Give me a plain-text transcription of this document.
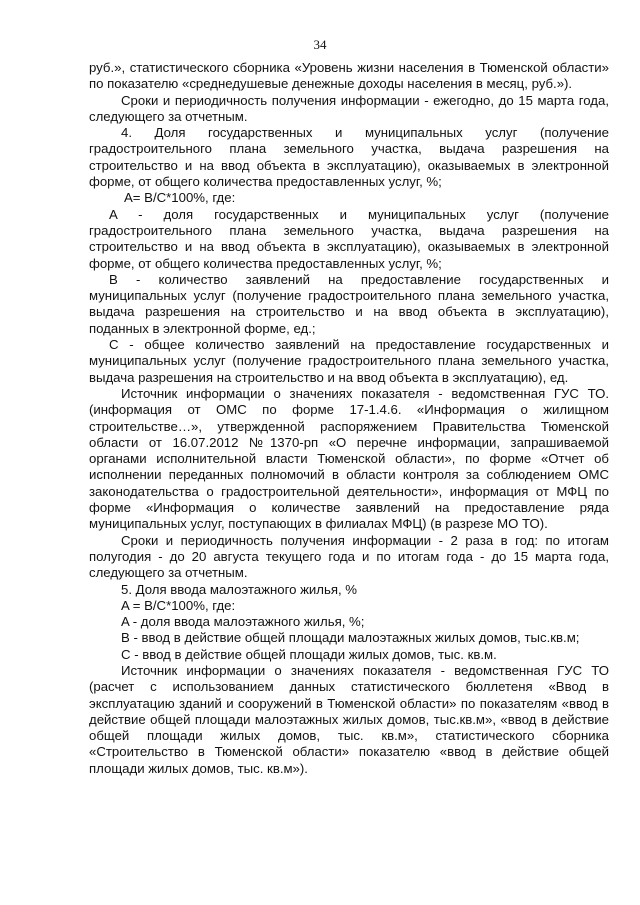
34

руб.», статистического сборника «Уровень жизни населения в Тюменской области» по показателю «среднедушевые денежные доходы населения в месяц, руб.»).

Сроки и периодичность получения информации - ежегодно, до 15 марта года, следующего за отчетным.

4. Доля государственных и муниципальных услуг (получение градостроительного плана земельного участка, выдача разрешения на строительство и на ввод объекта в эксплуатацию), оказываемых в электронной форме, от общего количества предоставленных услуг, %;

A= B/C*100%, где:

A - доля государственных и муниципальных услуг (получение градостроительного плана земельного участка, выдача разрешения на строительство и на ввод объекта в эксплуатацию), оказываемых в электронной форме, от общего количества предоставленных услуг, %;

B - количество заявлений на предоставление государственных и муниципальных услуг (получение градостроительного плана земельного участка, выдача разрешения на строительство и на ввод объекта в эксплуатацию), поданных в электронной форме, ед.;

C - общее количество заявлений на предоставление государственных и муниципальных услуг (получение градостроительного плана земельного участка, выдача разрешения на строительство и на ввод объекта в эксплуатацию), ед.

Источник информации о значениях показателя - ведомственная ГУС ТО. (информация от ОМС по форме 17-1.4.6. «Информация о жилищном строительстве…», утвержденной распоряжением Правительства Тюменской области от 16.07.2012 №1370-рп «О перечне информации, запрашиваемой органами исполнительной власти Тюменской области», по форме «Отчет об исполнении переданных полномочий в области контроля за соблюдением ОМС законодательства о градостроительной деятельности», информация от МФЦ по форме «Информация о количестве заявлений на предоставление ряда муниципальных услуг, поступающих в филиалах МФЦ) (в разрезе МО ТО).

Сроки и периодичность получения информации - 2 раза в год: по итогам полугодия - до 20 августа текущего года и по итогам года - до 15 марта года, следующего за отчетным.

5. Доля ввода малоэтажного жилья, %

A = B/C*100%, где:

A - доля ввода малоэтажного жилья, %;

B - ввод в действие общей площади малоэтажных жилых домов, тыс.кв.м;

C - ввод в действие общей площади жилых домов, тыс. кв.м.

Источник информации о значениях показателя - ведомственная ГУС ТО (расчет с использованием данных статистического бюллетеня «Ввод в эксплуатацию зданий и сооружений в Тюменской области» по показателям «ввод в действие общей площади малоэтажных жилых домов, тыс.кв.м», «ввод в действие общей площади жилых домов, тыс. кв.м», статистического сборника «Строительство в Тюменской области» показателю «ввод в действие общей площади жилых домов, тыс. кв.м»).
